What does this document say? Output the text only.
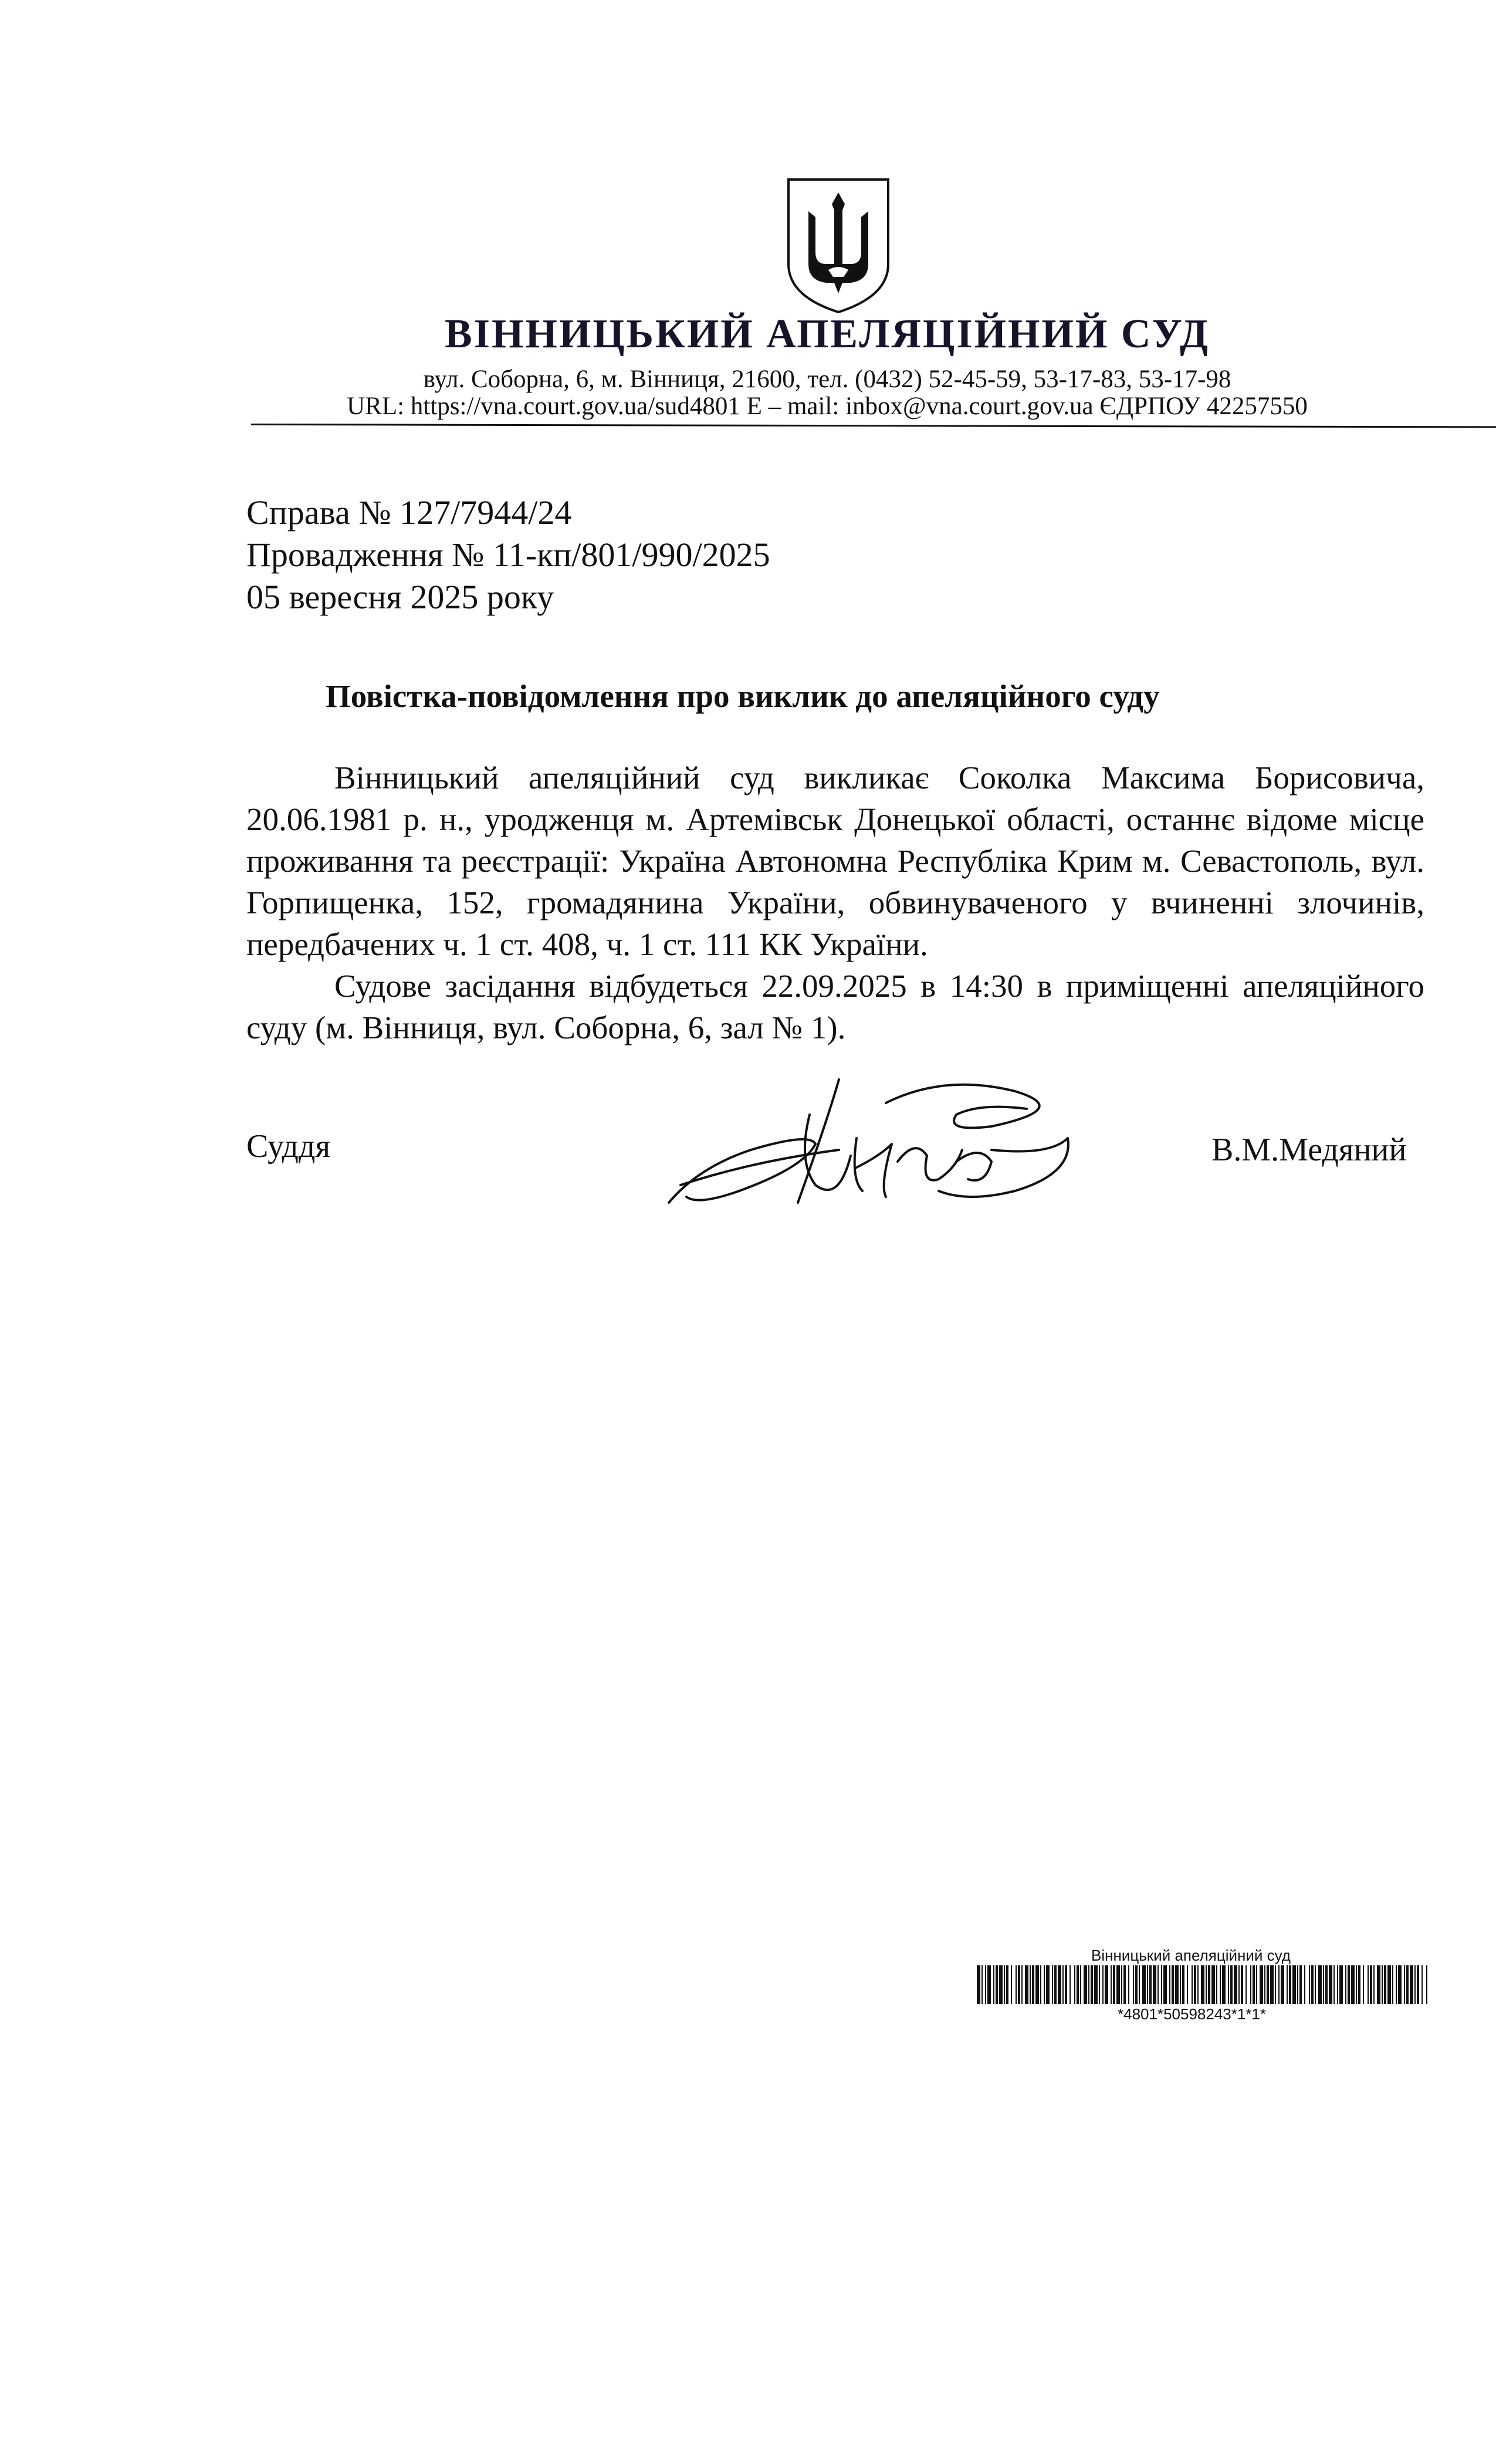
ВІННИЦЬКИЙ АПЕЛЯЦІЙНИЙ СУД
вул. Соборна, 6, м. Вінниця, 21600, тел. (0432) 52-45-59, 53-17-83, 53-17-98
URL: https://vna.court.gov.ua/sud4801 E – mail: inbox@vna.court.gov.ua ЄДРПОУ 42257550
Справа № 127/7944/24
Провадження № 11-кп/801/990/2025
05 вересня 2025 року
Повістка-повідомлення про виклик до апеляційного суду

Вінницький апеляційний суд викликає Соколка Максима Борисовича, 20.06.1981 р. н., уродженця м. Артемівськ Донецької області, останнє відоме місце проживання та реєстрації: Україна Автономна Республіка Крим м. Севастополь, вул. Горпищенка, 152, громадянина України, обвинуваченого у вчиненні злочинів, передбачених ч. 1 ст. 408, ч. 1 ст. 111 КК України.

Судове засідання відбудеться 22.09.2025 в 14:30 в приміщенні апеляційного суду (м. Вінниця, вул. Соборна, 6, зал № 1).

Суддя	В.М.Медяний
Вінницький апеляційний суд
*4801*50598243*1*1*
